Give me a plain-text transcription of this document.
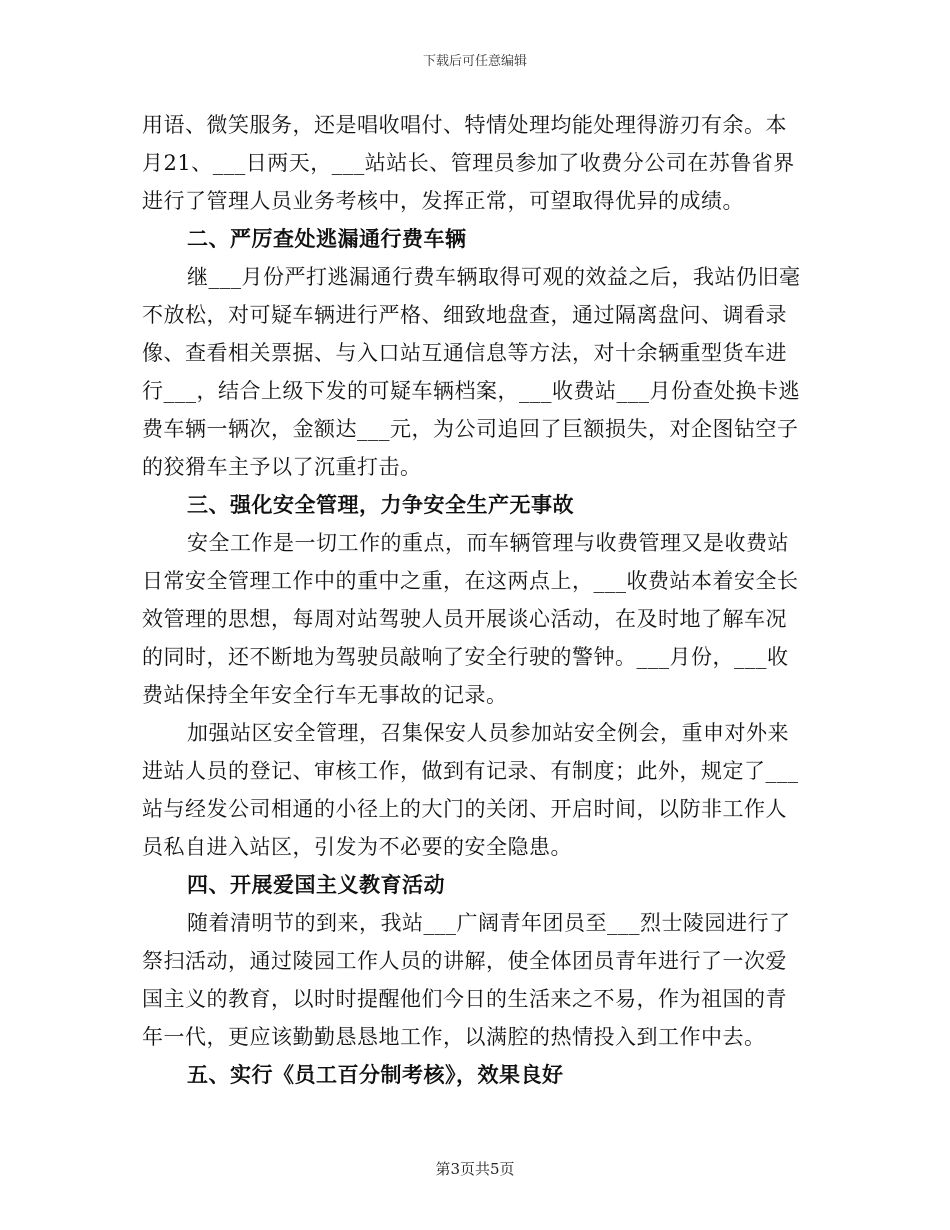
下载后可任意编辑
用语、微笑服务，还是唱收唱付、特情处理均能处理得游刃有余。本
月21、___日两天，___站站长、管理员参加了收费分公司在苏鲁省界
进行了管理人员业务考核中，发挥正常，可望取得优异的成绩。
二、严厉查处逃漏通行费车辆
继___月份严打逃漏通行费车辆取得可观的效益之后，我站仍旧毫
不放松，对可疑车辆进行严格、细致地盘查，通过隔离盘问、调看录
像、查看相关票据、与入口站互通信息等方法，对十余辆重型货车进
行___，结合上级下发的可疑车辆档案，___收费站___月份查处换卡逃
费车辆一辆次，金额达___元，为公司追回了巨额损失，对企图钻空子
的狡猾车主予以了沉重打击。
三、强化安全管理，力争安全生产无事故
安全工作是一切工作的重点，而车辆管理与收费管理又是收费站
日常安全管理工作中的重中之重，在这两点上，___收费站本着安全长
效管理的思想，每周对站驾驶人员开展谈心活动，在及时地了解车况
的同时，还不断地为驾驶员敲响了安全行驶的警钟。___月份，___收
费站保持全年安全行车无事故的记录。
加强站区安全管理，召集保安人员参加站安全例会，重申对外来
进站人员的登记、审核工作，做到有记录、有制度；此外，规定了___
站与经发公司相通的小径上的大门的关闭、开启时间，以防非工作人
员私自进入站区，引发为不必要的安全隐患。
四、开展爱国主义教育活动
随着清明节的到来，我站___广阔青年团员至___烈士陵园进行了
祭扫活动，通过陵园工作人员的讲解，使全体团员青年进行了一次爱
国主义的教育，以时时提醒他们今日的生活来之不易，作为祖国的青
年一代，更应该勤勤恳恳地工作，以满腔的热情投入到工作中去。
五、实行《员工百分制考核》，效果良好
第3页共5页
